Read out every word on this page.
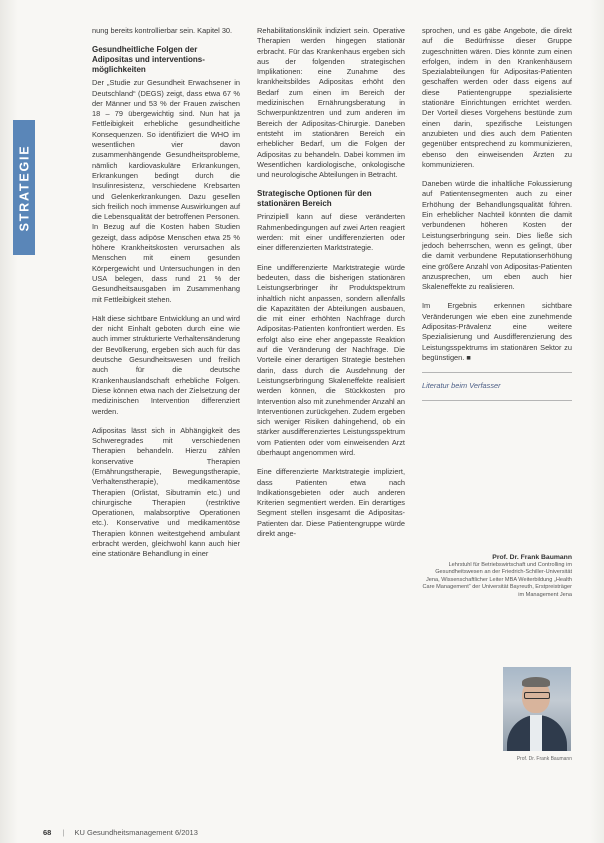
STRATEGIE

nung bereits kontrollierbar sein. Kapitel 30.

Gesundheitliche Folgen der Adipositas und interventions-möglichkeiten

Der „Studie zur Gesundheit Erwachsener in Deutschland“ (DEGS) zeigt, dass etwa 67 % der Männer und 53 % der Frauen zwischen 18 – 79 übergewichtig sind. Nun hat ja Fettleibigkeit erhebliche gesundheitliche Konsequenzen. So identifiziert die WHO im wesentlichen vier davon zusammenhängende Gesundheitsprobleme, nämlich kardiovaskuläre Erkrankungen, Erkrankungen bedingt durch die Insulinresistenz, verschiedene Krebsarten und Gelenkerkrankungen. Dazu gesellen sich freilich noch immense Auswirkungen auf die Lebensqualität der betroffenen Personen. In Bezug auf die Kosten haben Studien gezeigt, dass adipöse Menschen etwa 25 % höhere Krankheitskosten verursachen als Menschen mit einem gesunden Körpergewicht und Untersuchungen in den USA belegen, dass rund 21 % der Gesundheitsausgaben im Zusammenhang mit Fettleibigkeit stehen.

Hält diese sichtbare Entwicklung an und wird der nicht Einhalt geboten durch eine wie auch immer strukturierte Verhaltensänderung der Bevölkerung, ergeben sich auch für das deutsche Gesundheitswesen und freilich auch für die deutsche Krankenhauslandschaft erhebliche Folgen. Diese können etwa nach der Zielsetzung der medizinischen Intervention differenziert werden.

Adipositas lässt sich in Abhängigkeit des Schweregrades mit verschiedenen Therapien behandeln. Hierzu zählen konservative Therapien (Ernährungstherapie, Bewegungstherapie, Verhaltenstherapie), medikamentöse Therapien (Orlistat, Sibutramin etc.) und chirurgische Therapien (restriktive Operationen, malabsorptive Operationen etc.). Konservative und medikamentöse Therapien können weitestgehend ambulant erbracht werden, gleichwohl kann auch hier eine stationäre Behandlung in einer

Rehabilitationsklinik indiziert sein. Operative Therapien werden hingegen stationär erbracht. Für das Krankenhaus ergeben sich aus der folgenden strategischen Implikationen: eine Zunahme des krankheitsbildes Adipositas erhöht den Bedarf zum einen im Bereich der medizinischen Ernährungsberatung in Schwerpunktzentren und zum anderen im Bereich der Adipositas-Chirurgie. Daneben entsteht im stationären Bereich ein erheblicher Bedarf, um die Folgen der Adipositas zu behandeln. Dabei kommen im Wesentlichen kardiologische, onkologische und neurologische Abteilungen in Betracht.

Strategische Optionen für den stationären Bereich

Prinzipiell kann auf diese veränderten Rahmenbedingungen auf zwei Arten reagiert werden: mit einer undifferenzierten oder einer differenzierten Marktstrategie.

Eine undifferenzierte Marktstrategie würde bedeuten, dass die bisherigen stationären Leistungserbringer ihr Produktspektrum inhaltlich nicht anpassen, sondern allenfalls die Kapazitäten der Abteilungen ausbauen, die mit einer erhöhten Nachfrage durch Adipositas-Patienten konfrontiert werden. Es erfolgt also eine eher angepasste Reaktion auf die Veränderung der Nachfrage. Die Vorteile einer derartigen Strategie bestehen darin, dass durch die Ausdehnung der Leistungserbringung Skaleneffekte realisiert werden können, die Stückkosten pro Intervention also mit zunehmender Anzahl an Interventionen zurückgehen. Zudem ergeben sich weniger Risiken dahingehend, ob ein stärker ausdifferenziertes Leistungsspektrum vom Patienten oder vom einweisenden Arzt überhaupt angenommen wird.

Eine differenzierte Marktstrategie impliziert, dass Patienten etwa nach Indikationsgebieten oder auch anderen Kriterien segmentiert werden. Ein derartiges Segment stellen insgesamt die Adipositas-Patienten dar. Diese Patientengruppe würde direkt ange-

sprochen, und es gäbe Angebote, die direkt auf die Bedürfnisse dieser Gruppe zugeschnitten wären. Dies könnte zum einen erfolgen, indem in den Krankenhäusern Spezialabteilungen für Adipositas-Patienten geschaffen werden oder dass eigens auf diese Patientengruppe spezialisierte stationäre Einrichtungen errichtet werden. Der Vorteil dieses Vorgehens bestünde zum einen darin, spezifische Leistungen anzubieten und dies auch dem Patienten gegenüber entsprechend zu kommunizieren, ebenso den einweisenden Ärzten zu kommunizieren.

Daneben würde die inhaltliche Fokussierung auf Patientensegmenten auch zu einer Erhöhung der Behandlungsqualität führen. Ein erheblicher Nachteil könnten die damit verbundenen höheren Kosten der Leistungserbringung sein. Dies ließe sich jedoch beherrschen, wenn es gelingt, über die damit verbundene Reputationserhöhung eine größere Anzahl von Adipositas-Patienten anzusprechen, um eben auch hier Skaleneffekte zu realisieren.

Im Ergebnis erkennen sichtbare Veränderungen wie eben eine zunehmende Adipositas-Prävalenz eine weitere Spezialisierung und Ausdifferenzierung des Leistungsspektrums im stationären Sektor zu begünstigen. ■

Literatur beim Verfasser
Prof. Dr. Frank Baumann
Lehrstuhl für Betriebswirtschaft und Controlling im Gesundheitswesen an der Friedrich-Schiller-Universität Jena, Wissenschaftlicher Leiter MBA Weiterbildung „Health Care Management“ der Universität Bayreuth, Erstpreisträger im Management Jena
Prof. Dr. Frank Baumann
68 | KU Gesundheitsmanagement 6/2013
